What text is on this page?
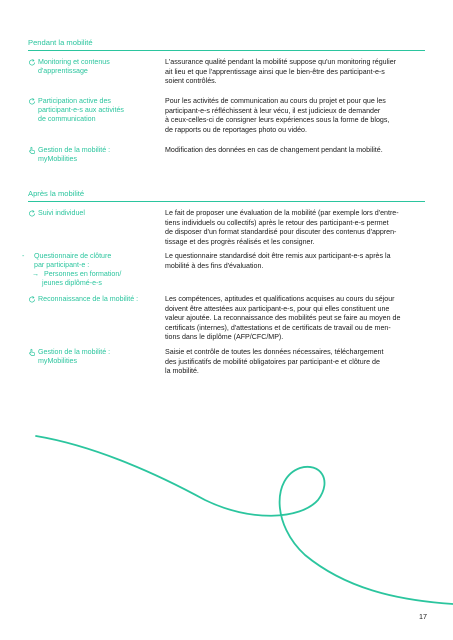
Pendant la mobilité
Monitoring et contenus
d'apprentissage

L'assurance qualité pendant la mobilité suppose qu'un monitoring régulier

ait lieu et que l'apprentissage ainsi que le bien-être des participant-e-s

soient contrôlés.

Participation active des
participant-e-s aux activités
de communication

Pour les activités de communication au cours du projet et pour que les

participant-e-s réfléchissent à leur vécu, il est judicieux de demander

à ceux-celles-ci de consigner leurs expériences sous la forme de blogs,

de rapports ou de reportages photo ou vidéo.

Gestion de la mobilité :
myMobilities

Modification des données en cas de changement pendant la mobilité.

Après la mobilité
Suivi individuel	Le fait de proposer une évaluation de la mobilité (par exemple lors d'entre-

tiens individuels ou collectifs) après le retour des participant-e-s permet

de disposer d'un format standardisé pour discuter des contenus d'appren-

tissage et des progrès réalisés et les consigner.

- Questionnaire de clôture
par participant-e :
→ Personnes en formation/
jeunes diplômé-e-s

Le questionnaire standardisé doit être remis aux participant-e-s après la

mobilité à des fins d'évaluation.

Reconnaissance de la mobilité :	Les compétences, aptitudes et qualifications acquises au cours du séjour

doivent être attestées aux participant-e-s, pour qui elles constituent une

valeur ajoutée. La reconnaissance des mobilités peut se faire au moyen de

certificats (internes), d'attestations et de certificats de travail ou de men-

tions dans le diplôme (AFP/CFC/MP).

Gestion de la mobilité :
myMobilities

Saisie et contrôle de toutes les données nécessaires, téléchargement

des justificatifs de mobilité obligatoires par participant-e et clôture de

la mobilité.

17
